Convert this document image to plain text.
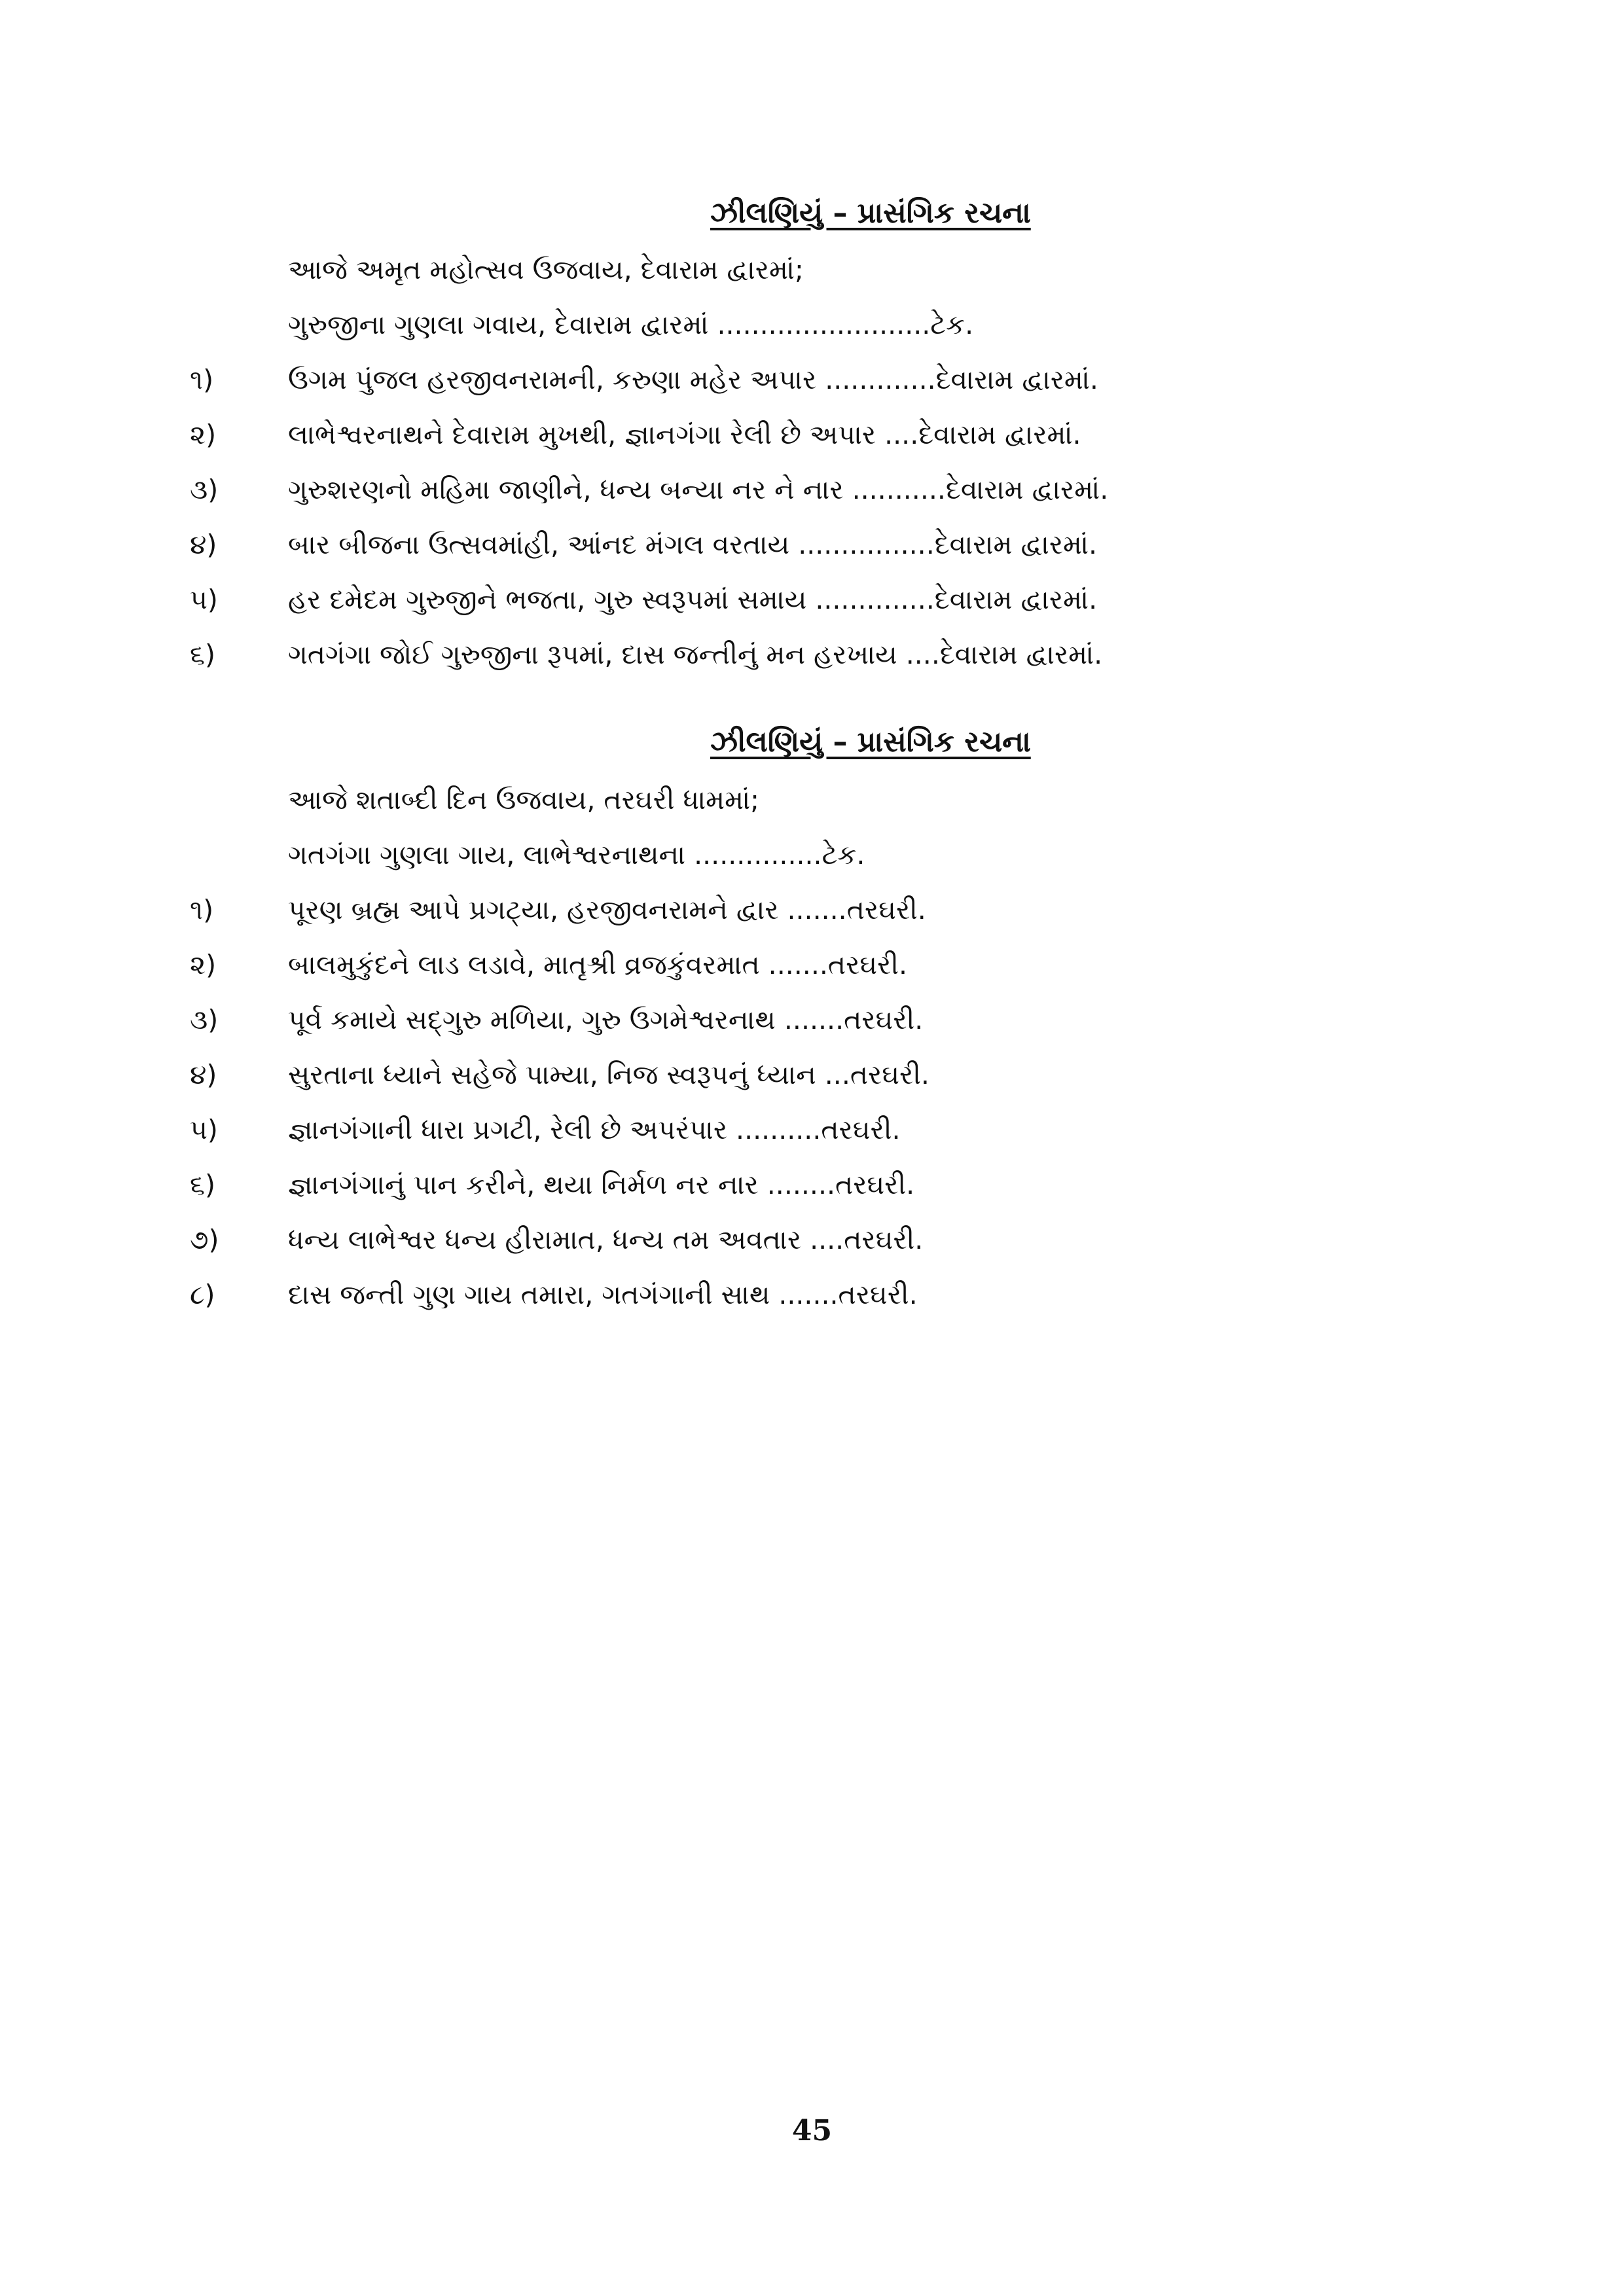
ઝીલણિયું – પ્રાસંગિક રચના
આજે અમૃત મહોત્સવ ઉજવાય, દેવારામ દ્વારમાં;
ગુરુજીના ગુણલા ગવાય, દેવારામ દ્વારમાં .........................ટેક.
૧)	ઉગમ પુંજલ હરજીવનરામની, કરુણા મહેર અપાર .............દેવારામ દ્વારમાં.
૨)	લાભેશ્વરનાથને દેવારામ મુખથી, જ્ઞાનગંગા રેલી છે અપાર ....દેવારામ દ્વારમાં.
૩)	ગુરુશરણનો મહિમા જાણીને, ધન્ય બન્યા નર ને નાર ...........દેવારામ દ્વારમાં.
૪)	બાર બીજના ઉત્સવમાંહી, આંનદ મંગલ વરતાય ................દેવારામ દ્વારમાં.
૫)	હર દમેદમ ગુરુજીને ભજતા, ગુરુ સ્વરૂપમાં સમાય ..............દેવારામ દ્વારમાં.
૬)	ગતગંગા જોઈ ગુરુજીના રૂપમાં, દાસ જન્તીનું મન હરખાય ....દેવારામ દ્વારમાં.
ઝીલણિયું – પ્રાસંગિક રચના
આજે શતાબ્દી દિન ઉજવાય, તરઘરી ધામમાં;
ગતગંગા ગુણલા ગાય, લાભેશ્વરનાથના ...............ટેક.
૧)	પૂરણ બ્રહ્મ આપે પ્રગટ્યા, હરજીવનરામને દ્વાર .......તરઘરી.
૨)	બાલમુકુંદને લાડ લડાવે, માતૃશ્રી વ્રજકુંવરમાત .......તરઘરી.
૩)	પૂર્વ કમાયે સદ્ગુરુ મળિયા, ગુરુ ઉગમેશ્વરનાથ .......તરઘરી.
૪)	સુરતાના ધ્યાને સહેજે પામ્યા, નિજ સ્વરૂપનું ધ્યાન ...તરઘરી.
૫)	જ્ઞાનગંગાની ધારા પ્રગટી, રેલી છે અપરંપાર ..........તરઘરી.
૬)	જ્ઞાનગંગાનું પાન કરીને, થયા નિર્મળ નર નાર ........તરઘરી.
૭)	ધન્ય લાભેશ્વર ધન્ય હીરામાત, ધન્ય તમ અવતાર ....તરઘરી.
૮)	દાસ જન્તી ગુણ ગાય તમારા, ગતગંગાની સાથ .......તરઘરી.
45
